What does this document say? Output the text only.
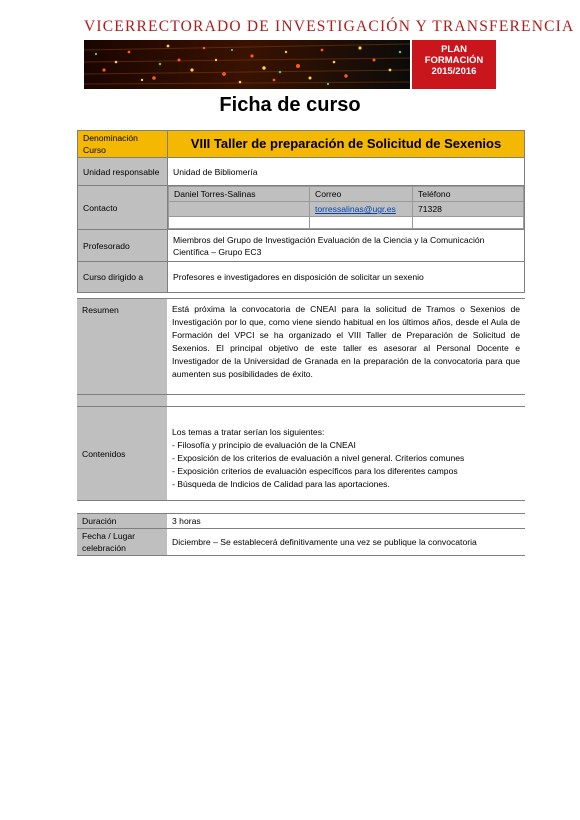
VICERRECTORADO DE INVESTIGACIÓN Y TRANSFERENCIA
PLAN
FORMACIÓN
2015/2016
Ficha de curso
Denominación Curso	VIII Taller de preparación de Solicitud de Sexenios
Unidad responsable	Unidad de Bibliomería
Contacto	
Daniel Torres-Salinas	Correo	Teléfono
	torressalinas@ugr.es	71328

Profesorado	Miembros del Grupo de Investigación Evaluación de la Ciencia y la Comunicación Científica – Grupo EC3
Curso dirigido a	Profesores e investigadores en disposición de solicitar un sexenio
Resumen	Está próxima la convocatoria de CNEAI para la solicitud de Tramos o Sexenios de Investigación por lo que, como viene siendo habitual en los últimos años, desde el Aula de Formación del VPCI se ha organizado el VIII Taller de Preparación de Solicitud de Sexenios. El principal objetivo de este taller es asesorar al Personal Docente e Investigador de la Universidad de Granada en la preparación de la convocatoria para que aumenten sus posibilidades de éxito.

Contenidos	
Los temas a tratar serían los siguientes:
- Filosofía y principio de evaluación de la CNEAI
- Exposición de los criterios de evaluación a nivel general. Criterios comunes
- Exposición criterios de evaluación específicos para los diferentes campos
- Búsqueda de Indicios de Calidad para las aportaciones.
Duración	3 horas
Fecha / Lugar celebración	Diciembre – Se establecerá definitivamente una vez se publique la convocatoria
